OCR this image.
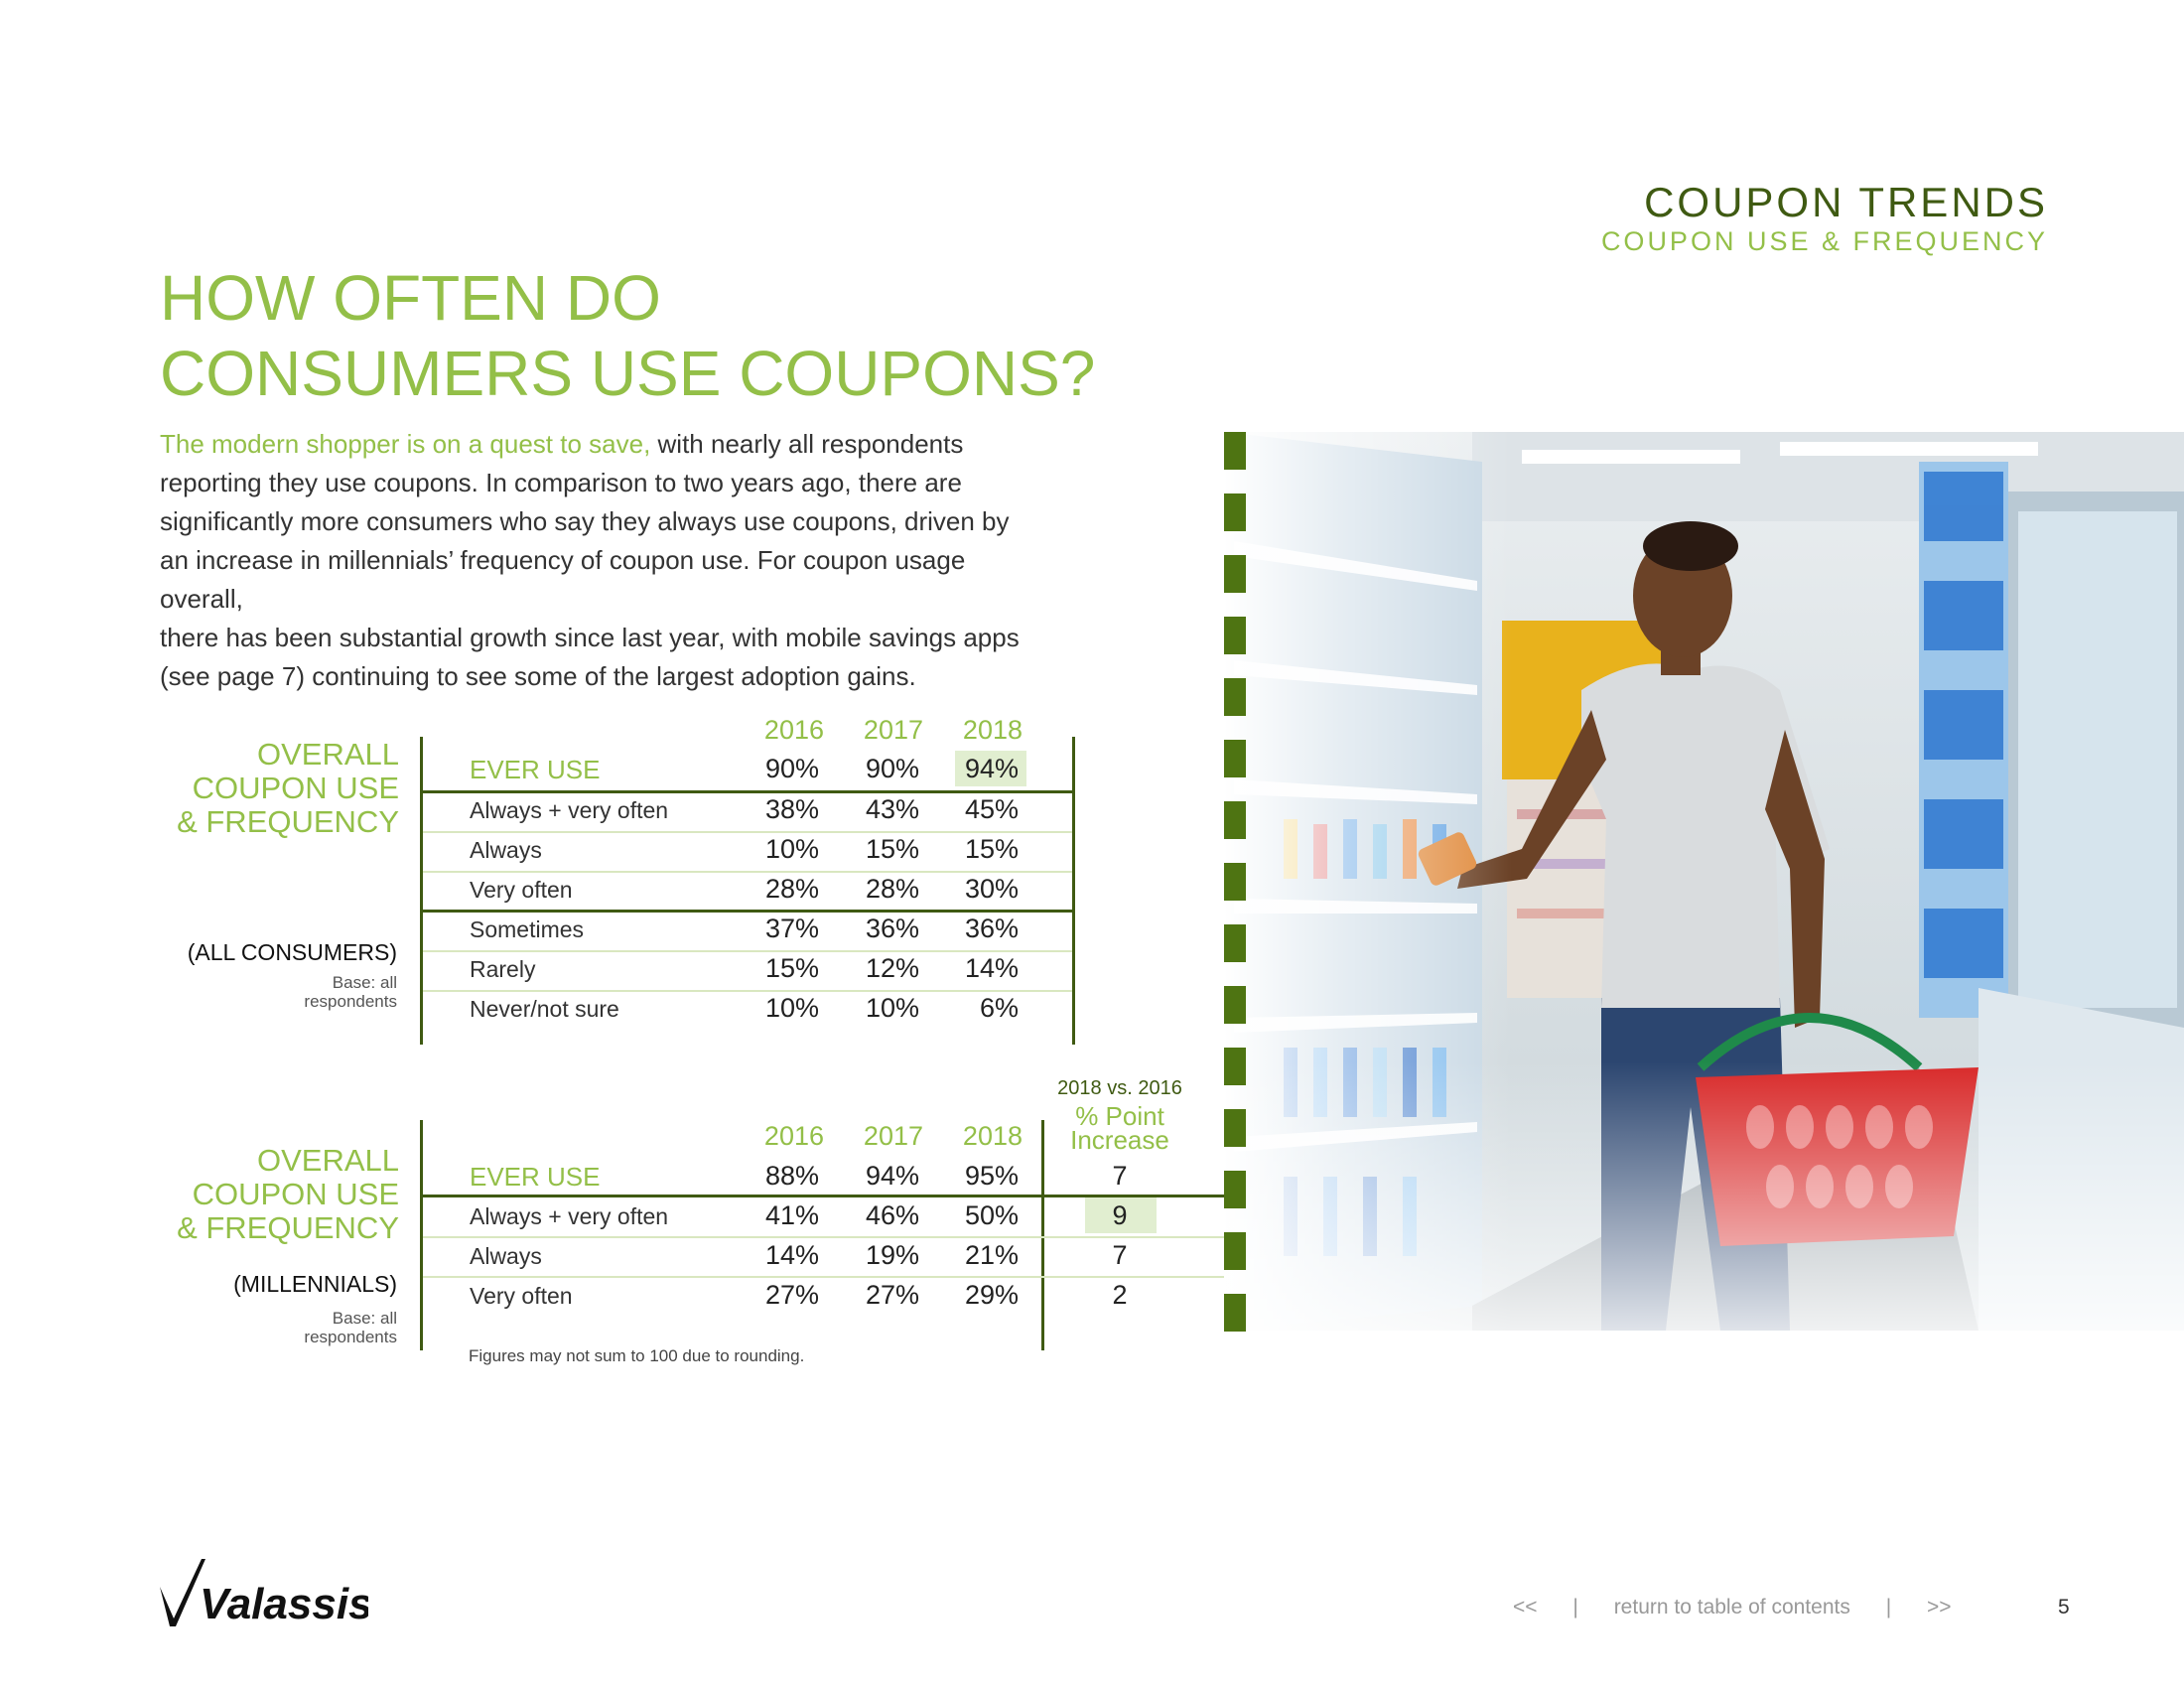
COUPON TRENDS
COUPON USE & FREQUENCY
HOW OFTEN DO
CONSUMERS USE COUPONS?
The modern shopper is on a quest to save, with nearly all respondents
reporting they use coupons. In comparison to two years ago, there are
significantly more consumers who say they always use coupons, driven by
an increase in millennials’ frequency of coupon use. For coupon usage overall,
there has been substantial growth since last year, with mobile savings apps
(see page 7) continuing to see some of the largest adoption gains.
OVERALL
COUPON USE
& FREQUENCY
(ALL CONSUMERS)
Base: all
respondents
2016	2017	2018
EVER USE	90%	90%	94%
Always + very often	38%	43%	45%
Always	10%	15%	15%
Very often	28%	28%	30%
Sometimes	37%	36%	36%
Rarely	15%	12%	14%
Never/not sure	10%	10%	6%
OVERALL
COUPON USE
& FREQUENCY
(MILLENNIALS)
Base: all
respondents
2018 vs. 2016
% Point
Increase
2016	2017	2018
EVER USE	88%	94%	95%	7
Always + very often	41%	46%	50%	9
Always	14%	19%	21%	7
Very often	27%	27%	29%	2
Figures may not sum to 100 due to rounding.
Valassis.	<< | return to table of contents | >>	5
